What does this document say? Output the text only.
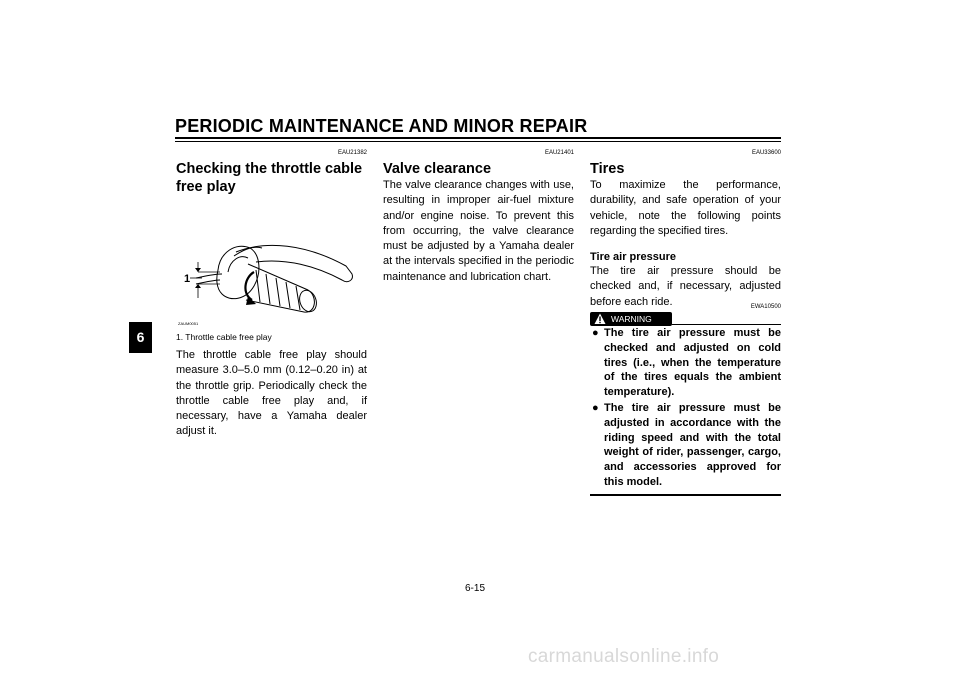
PERIODIC MAINTENANCE AND MINOR REPAIR
6
EAU21382
Checking the throttle cable free play
1
ZAUM0051
1. Throttle cable free play

The throttle cable free play should measure 3.0–5.0 mm (0.12–0.20 in) at the throttle grip. Periodically check the throttle cable free play and, if necessary, have a Yamaha dealer adjust it.

EAU21401
Valve clearance

The valve clearance changes with use, resulting in improper air-fuel mixture and/or engine noise. To prevent this from occurring, the valve clearance must be adjusted by a Yamaha dealer at the intervals specified in the periodic maintenance and lubrication chart.

EAU33600
Tires

To maximize the performance, durability, and safe operation of your vehicle, note the following points regarding the specified tires.

Tire air pressure

The tire air pressure should be checked and, if necessary, adjusted before each ride.

WARNING
EWA10500
● The tire air pressure must be checked and adjusted on cold tires (i.e., when the temperature of the tires equals the ambient temperature).
● The tire air pressure must be adjusted in accordance with the riding speed and with the total weight of rider, passenger, cargo, and accessories approved for this model.
6-15
carmanualsonline.info
